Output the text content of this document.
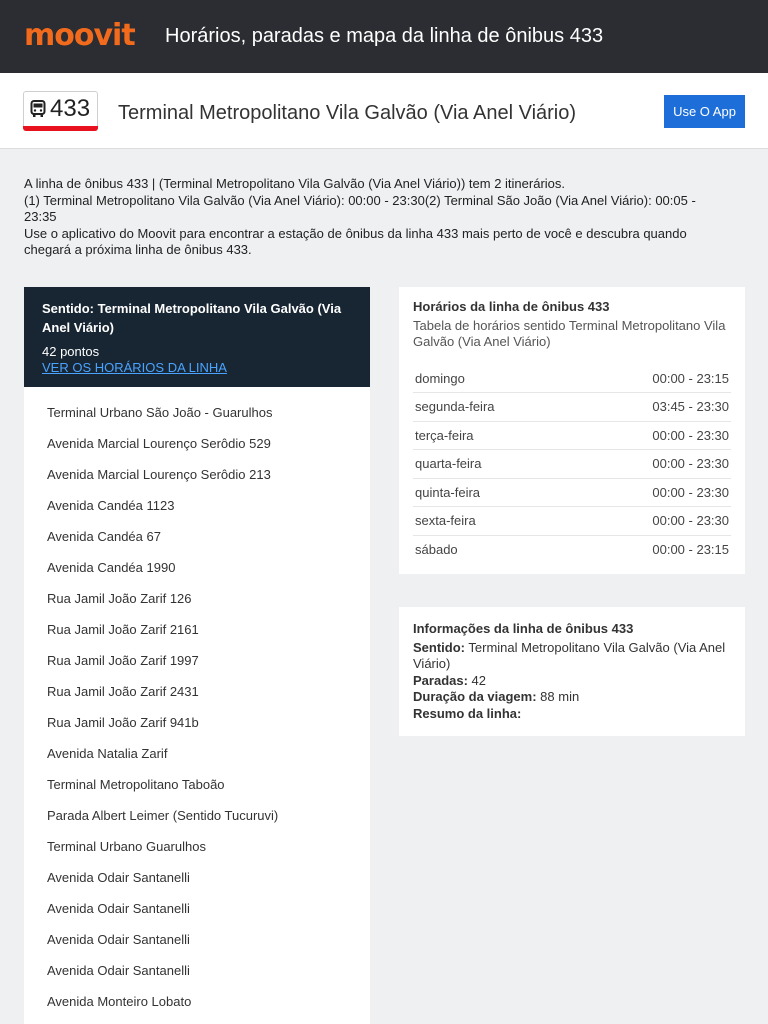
moovit Horários, paradas e mapa da linha de ônibus 433
433 Terminal Metropolitano Vila Galvão (Via Anel Viário)	Use O App

A linha de ônibus 433 | (Terminal Metropolitano Vila Galvão (Via Anel Viário)) tem 2 itinerários.

(1) Terminal Metropolitano Vila Galvão (Via Anel Viário): 00:00 - 23:30(2) Terminal São João (Via Anel Viário): 00:05 - 23:35

Use o aplicativo do Moovit para encontrar a estação de ônibus da linha 433 mais perto de você e descubra quando chegará a próxima linha de ônibus 433.

Sentido: Terminal Metropolitano Vila Galvão (Via Anel Viário)
42 pontos
VER OS HORÁRIOS DA LINHA
Terminal Urbano São João - Guarulhos
Avenida Marcial Lourenço Serôdio 529
Avenida Marcial Lourenço Serôdio 213
Avenida Candéa 1123
Avenida Candéa 67
Avenida Candéa 1990
Rua Jamil João Zarif 126
Rua Jamil João Zarif 2161
Rua Jamil João Zarif 1997
Rua Jamil João Zarif 2431
Rua Jamil João Zarif 941b
Avenida Natalia Zarif
Terminal Metropolitano Taboão
Parada Albert Leimer (Sentido Tucuruvi)
Terminal Urbano Guarulhos
Avenida Odair Santanelli
Avenida Odair Santanelli
Avenida Odair Santanelli
Avenida Odair Santanelli
Avenida Monteiro Lobato
Horários da linha de ônibus 433
Tabela de horários sentido Terminal Metropolitano Vila Galvão (Via Anel Viário)
domingo	00:00 - 23:15
segunda-feira	03:45 - 23:30
terça-feira	00:00 - 23:30
quarta-feira	00:00 - 23:30
quinta-feira	00:00 - 23:30
sexta-feira	00:00 - 23:30
sábado	00:00 - 23:15
Informações da linha de ônibus 433
Sentido: Terminal Metropolitano Vila Galvão (Via Anel Viário)
Paradas: 42
Duração da viagem: 88 min
Resumo da linha:
